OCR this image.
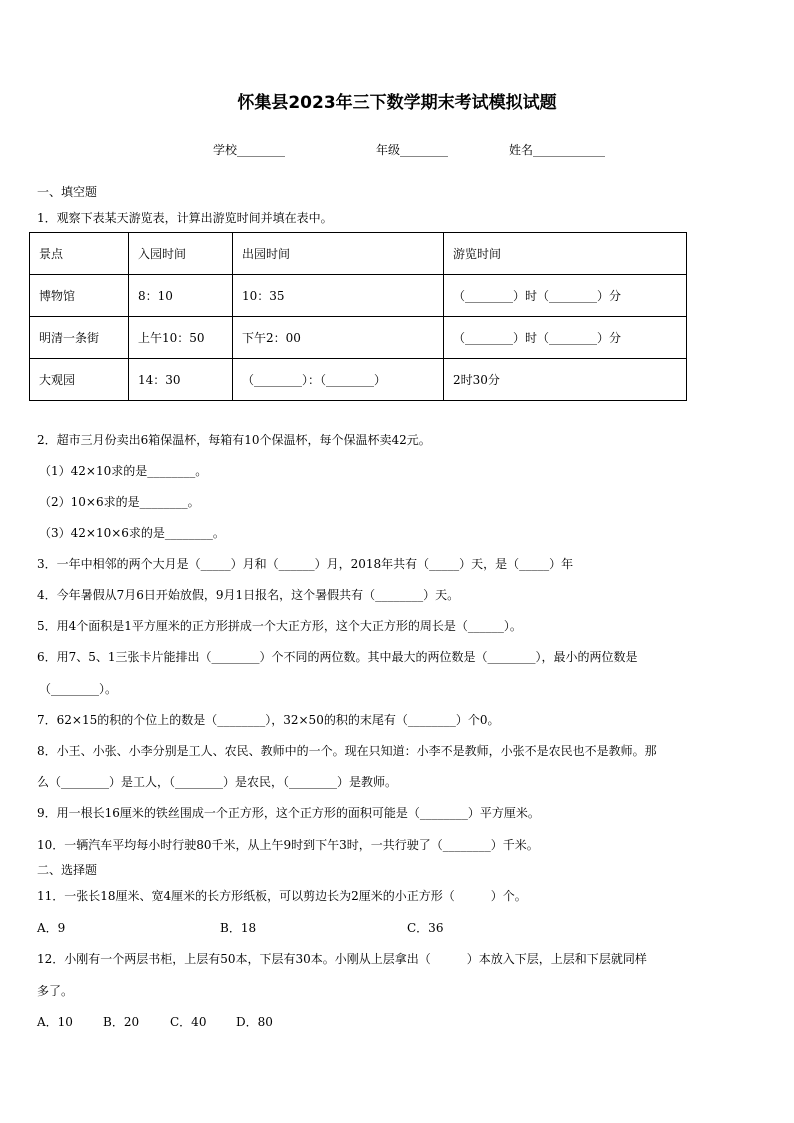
怀集县2023年三下数学期末考试模拟试题
学校________	年级________	姓名____________
一、填空题
1．观察下表某天游览表，计算出游览时间并填在表中。
景点	入园时间	出园时间	游览时间
博物馆	8：10	10：35	（________）时（________）分
明清一条街	上午10：50	下午2：00	（________）时（________）分
大观园	14：30	（________）：（________）	2时30分
2．超市三月份卖出6箱保温杯，每箱有10个保温杯，每个保温杯卖42元。
（1）42×10求的是________。
（2）10×6求的是________。
（3）42×10×6求的是________。
3．一年中相邻的两个大月是（_____）月和（______）月，2018年共有（_____）天，是（_____）年
4．今年暑假从7月6日开始放假，9月1日报名，这个暑假共有（________）天。
5．用4个面积是1平方厘米的正方形拼成一个大正方形，这个大正方形的周长是（______）。
6．用7、5、1三张卡片能排出（________）个不同的两位数。其中最大的两位数是（________），最小的两位数是
（________）。
7．62×15的积的个位上的数是（________），32×50的积的末尾有（________）个0。
8．小王、小张、小李分别是工人、农民、教师中的一个。现在只知道：小李不是教师，小张不是农民也不是教师。那
么（________）是工人，（________）是农民，（________）是教师。
9．用一根长16厘米的铁丝围成一个正方形，这个正方形的面积可能是（________）平方厘米。
10．一辆汽车平均每小时行驶80千米，从上午9时到下午3时，一共行驶了（________）千米。
二、选择题
11．一张长18厘米、宽4厘米的长方形纸板，可以剪边长为2厘米的小正方形（　　　）个。
A．9	B．18	C．36
12．小刚有一个两层书柜，上层有50本，下层有30本。小刚从上层拿出（　　　）本放入下层，上层和下层就同样
多了。
A．10	B．20	C．40 D．80
